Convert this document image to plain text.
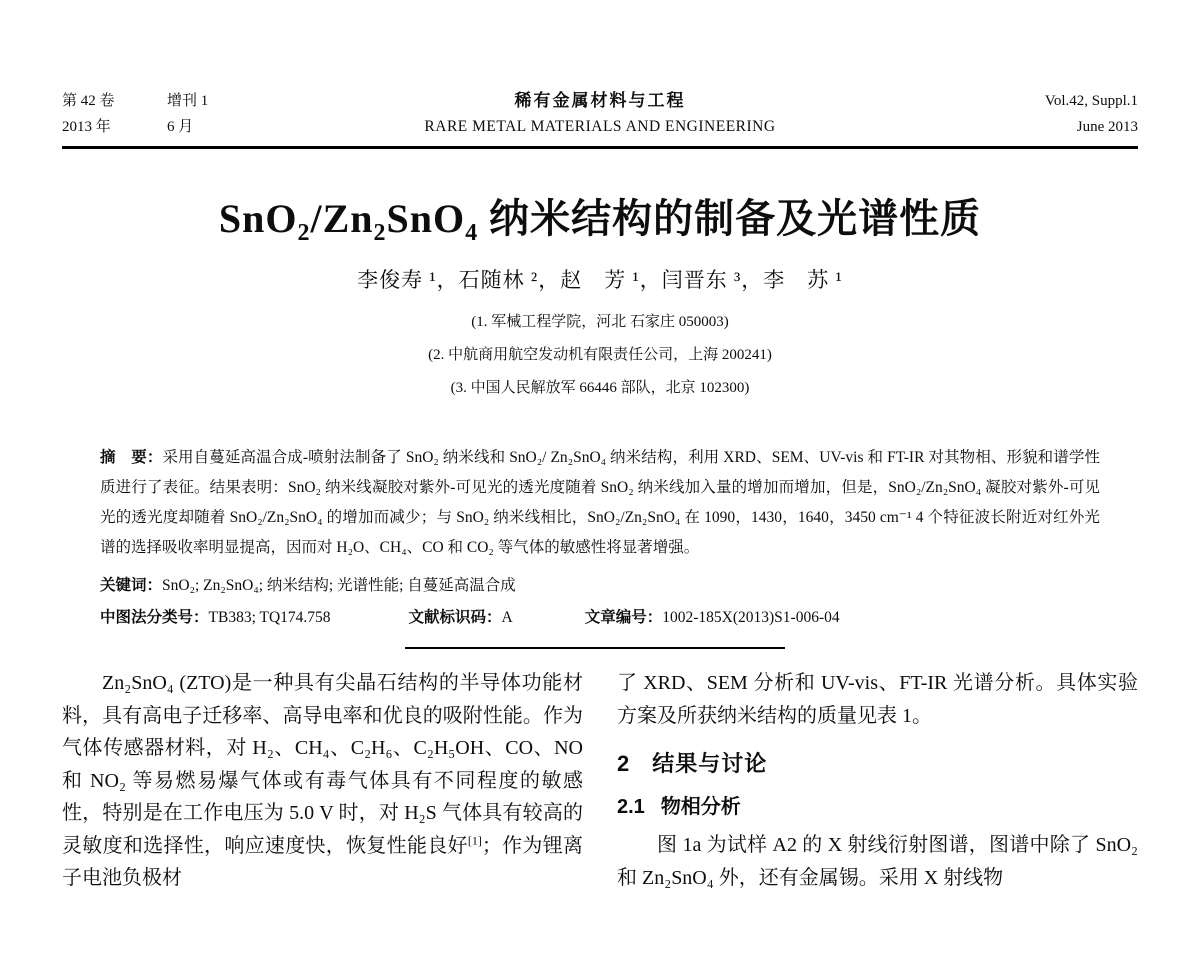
第 42 卷	增刊 1
2013 年	6 月
稀有金属材料与工程
RARE METAL MATERIALS AND ENGINEERING
Vol.42, Suppl.1
June 2013
SnO₂/Zn₂SnO₄ 纳米结构的制备及光谱性质
李俊寿 ¹，石随林 ²，赵　芳 ¹，闫晋东 ³，李　苏 ¹
(1. 军械工程学院，河北 石家庄 050003)
(2. 中航商用航空发动机有限责任公司，上海 200241)
(3. 中国人民解放军 66446 部队，北京 102300)

摘　要：采用自蔓延高温合成-喷射法制备了 SnO₂ 纳米线和 SnO₂/ Zn₂SnO₄ 纳米结构，利用 XRD、SEM、UV-vis 和 FT-IR 对其物相、形貌和谱学性质进行了表征。结果表明：SnO₂ 纳米线凝胶对紫外-可见光的透光度随着 SnO₂ 纳米线加入量的增加而增加，但是，SnO₂/Zn₂SnO₄ 凝胶对紫外-可见光的透光度却随着 SnO₂/Zn₂SnO₄ 的增加而减少；与 SnO₂ 纳米线相比，SnO₂/Zn₂SnO₄ 在 1090，1430，1640，3450 cm⁻¹ 4 个特征波长附近对红外光谱的选择吸收率明显提高，因而对 H₂O、CH₄、CO 和 CO₂ 等气体的敏感性将显著增强。

关键词：SnO₂; Zn₂SnO₄; 纳米结构; 光谱性能; 自蔓延高温合成

中图法分类号：TB383; TQ174.758	文献标识码：A	文章编号：1002-185X(2013)S1-006-04

Zn₂SnO₄ (ZTO)是一种具有尖晶石结构的半导体功能材料，具有高电子迁移率、高导电率和优良的吸附性能。作为气体传感器材料，对 H₂、CH₄、C₂H₆、C₂H₅OH、CO、NO 和 NO₂ 等易燃易爆气体或有毒气体具有不同程度的敏感性，特别是在工作电压为 5.0 V 时，对 H₂S 气体具有较高的灵敏度和选择性，响应速度快，恢复性能良好[1]；作为锂离子电池负极材

了 XRD、SEM 分析和 UV-vis、FT-IR 光谱分析。具体实验方案及所获纳米结构的质量见表 1。

2 结果与讨论
2.1 物相分析

图 1a 为试样 A2 的 X 射线衍射图谱，图谱中除了 SnO₂ 和 Zn₂SnO₄ 外，还有金属锡。采用 X 射线物
